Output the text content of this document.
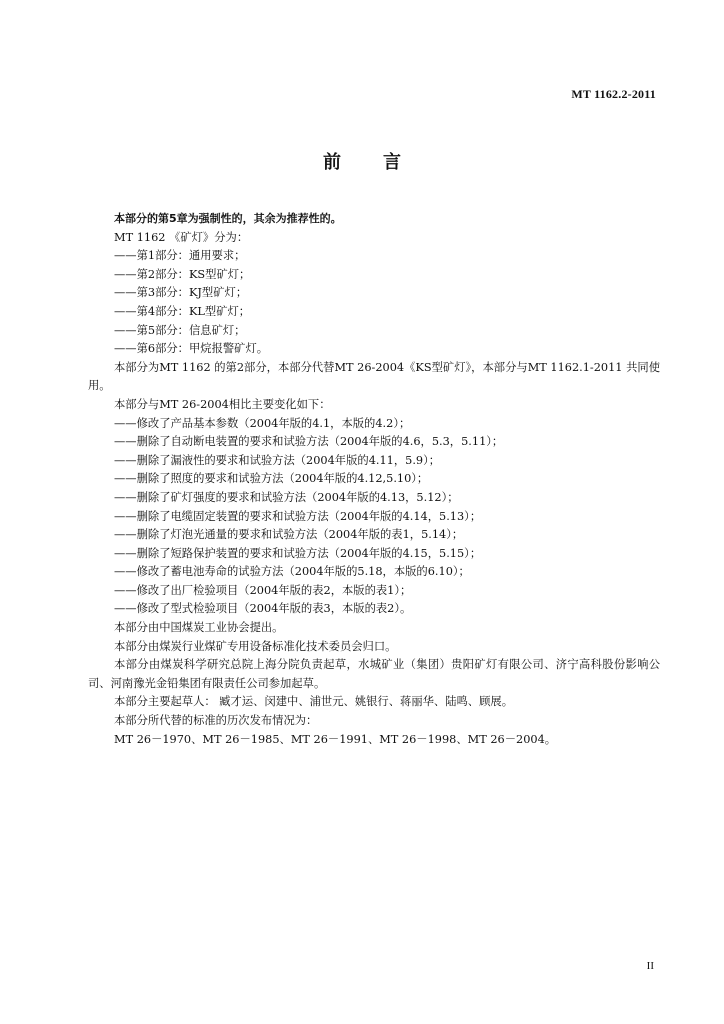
MT 1162.2-2011
前 言
本部分的第5章为强制性的，其余为推荐性的。
MT 1162 《矿灯》分为：
——第1部分：通用要求；
——第2部分：KS型矿灯；
——第3部分：KJ型矿灯；
——第4部分：KL型矿灯；
——第5部分：信息矿灯；
——第6部分：甲烷报警矿灯。
本部分为MT 1162 的第2部分，本部分代替MT 26-2004《KS型矿灯》，本部分与MT 1162.1-2011 共同使用。
本部分与MT 26-2004相比主要变化如下：
——修改了产品基本参数（2004年版的4.1，本版的4.2）；
——删除了自动断电装置的要求和试验方法（2004年版的4.6，5.3，5.11）；
——删除了漏液性的要求和试验方法（2004年版的4.11，5.9）；
——删除了照度的要求和试验方法（2004年版的4.12,5.10）；
——删除了矿灯强度的要求和试验方法（2004年版的4.13，5.12）；
——删除了电缆固定装置的要求和试验方法（2004年版的4.14，5.13）；
——删除了灯泡光通量的要求和试验方法（2004年版的表1，5.14）；
——删除了短路保护装置的要求和试验方法（2004年版的4.15，5.15）；
——修改了蓄电池寿命的试验方法（2004年版的5.18，本版的6.10）；
——修改了出厂检验项目（2004年版的表2，本版的表1）；
——修改了型式检验项目（2004年版的表3，本版的表2）。
本部分由中国煤炭工业协会提出。
本部分由煤炭行业煤矿专用设备标准化技术委员会归口。
本部分由煤炭科学研究总院上海分院负责起草，水城矿业（集团）贵阳矿灯有限公司、济宁高科股份影响公司、河南豫光金铅集团有限责任公司参加起草。
本部分主要起草人： 臧才运、闵建中、浦世元、姚银行、蒋丽华、陆鸣、顾展。
本部分所代替的标准的历次发布情况为：
MT 26－1970、MT 26－1985、MT 26－1991、MT 26－1998、MT 26－2004。
II
